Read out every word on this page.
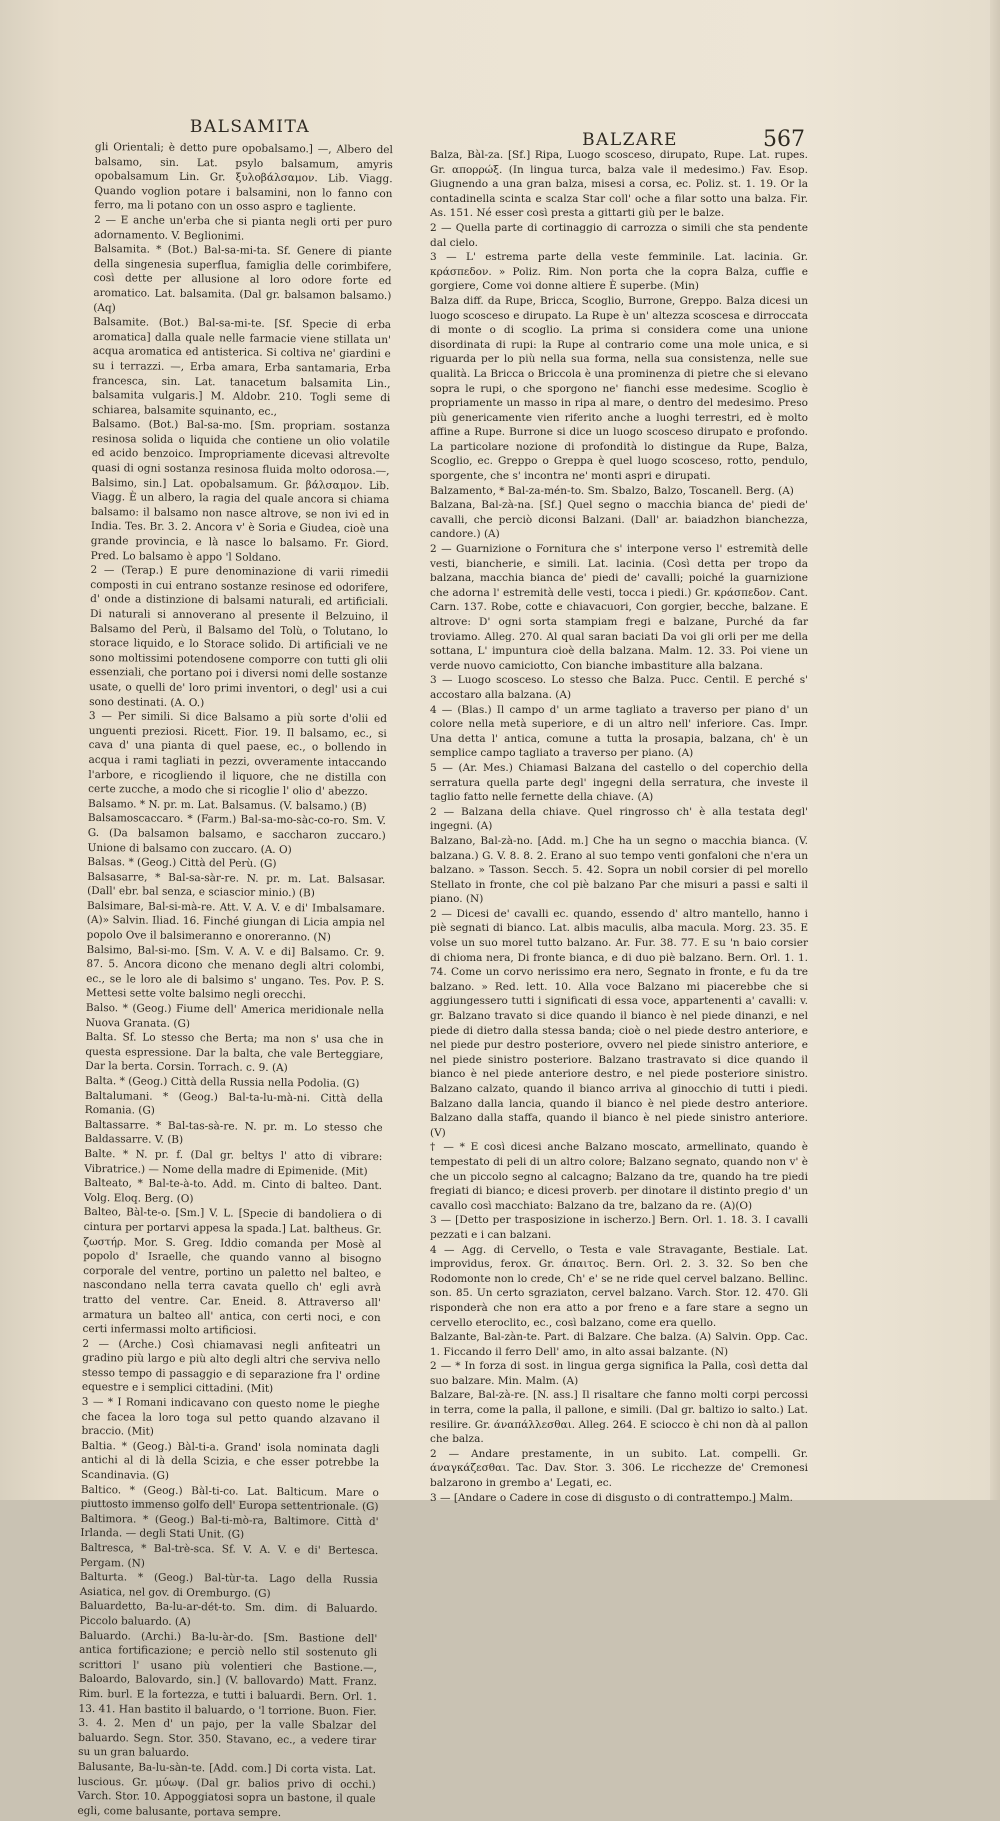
BALSAMITA
BALZARE	567

gli Orientali; è detto pure opobalsamo.] —, Albero del balsamo, sin. Lat. psylo balsamum, amyris opobalsamum Lin. Gr. ξυλοβάλσαμον. Lib. Viagg. Quando voglion potare i balsamini, non lo fanno con ferro, ma li potano con un osso aspro e tagliente.

2 — E anche un'erba che si pianta negli orti per puro adornamento. V. Beglionimi.

Balsamita. * (Bot.) Bal-sa-mi-ta. Sf. Genere di piante della singenesia superflua, famiglia delle corimbifere, così dette per allusione al loro odore forte ed aromatico. Lat. balsamita. (Dal gr. balsamon balsamo.) (Aq)

Balsamite. (Bot.) Bal-sa-mi-te. [Sf. Specie di erba aromatica] dalla quale nelle farmacie viene stillata un' acqua aromatica ed antisterica. Si coltiva ne' giardini e su i terrazzi. —, Erba amara, Erba santamaria, Erba francesca, sin. Lat. tanacetum balsamita Lin., balsamita vulgaris.] M. Aldobr. 210. Togli seme di schiarea, balsamite squinanto, ec.,

Balsamo. (Bot.) Bal-sa-mo. [Sm. propriam. sostanza resinosa solida o liquida che contiene un olio volatile ed acido benzoico. Impropriamente dicevasi altrevolte quasi di ogni sostanza resinosa fluida molto odorosa.—, Balsimo, sin.] Lat. opobalsamum. Gr. βάλσαμον. Lib. Viagg. È un albero, la ragia del quale ancora si chiama balsamo: il balsamo non nasce altrove, se non ivi ed in India. Tes. Br. 3. 2. Ancora v' è Soria e Giudea, cioè una grande provincia, e là nasce lo balsamo. Fr. Giord. Pred. Lo balsamo è appo 'l Soldano.

2 — (Terap.) E pure denominazione di varii rimedii composti in cui entrano sostanze resinose ed odorifere, d' onde a distinzione di balsami naturali, ed artificiali. Di naturali si annoverano al presente il Belzuino, il Balsamo del Perù, il Balsamo del Tolù, o Tolutano, lo storace liquido, e lo Storace solido. Di artificiali ve ne sono moltissimi potendosene comporre con tutti gli olii essenziali, che portano poi i diversi nomi delle sostanze usate, o quelli de' loro primi inventori, o degl' usi a cui sono destinati. (A. O.)

3 — Per simili. Si dice Balsamo a più sorte d'olii ed unguenti preziosi. Ricett. Fior. 19. Il balsamo, ec., si cava d' una pianta di quel paese, ec., o bollendo in acqua i rami tagliati in pezzi, ovveramente intaccando l'arbore, e ricogliendo il liquore, che ne distilla con certe zucche, a modo che si ricoglie l' olio d' abezzo.

Balsamo. * N. pr. m. Lat. Balsamus. (V. balsamo.) (B)

Balsamoscaccaro. * (Farm.) Bal-sa-mo-sàc-co-ro. Sm. V. G. (Da balsamon balsamo, e saccharon zuccaro.) Unione di balsamo con zuccaro. (A. O)

Balsas. * (Geog.) Città del Perù. (G)

Balsasarre, * Bal-sa-sàr-re. N. pr. m. Lat. Balsasar. (Dall' ebr. bal senza, e sciascior minio.) (B)

Balsimare, Bal-si-mà-re. Att. V. A. V. e di' Imbalsamare. (A)» Salvin. Iliad. 16. Finché giungan di Licia ampia nel popolo Ove il balsimeranno e onoreranno. (N)

Balsimo, Bal-si-mo. [Sm. V. A. V. e di] Balsamo. Cr. 9. 87. 5. Ancora dicono che menano degli altri colombi, ec., se le loro ale di balsimo s' ungano. Tes. Pov. P. S. Mettesi sette volte balsimo negli orecchi.

Balso. * (Geog.) Fiume dell' America meridionale nella Nuova Granata. (G)

Balta. Sf. Lo stesso che Berta; ma non s' usa che in questa espressione. Dar la balta, che vale Berteggiare, Dar la berta. Corsin. Torrach. c. 9. (A)

Balta. * (Geog.) Città della Russia nella Podolia. (G)

Baltalumani. * (Geog.) Bal-ta-lu-mà-ni. Città della Romania. (G)

Baltassarre. * Bal-tas-sà-re. N. pr. m. Lo stesso che Baldassarre. V. (B)

Balte. * N. pr. f. (Dal gr. beltys l' atto di vibrare: Vibratrice.) — Nome della madre di Epimenide. (Mit)

Balteato, * Bal-te-à-to. Add. m. Cinto di balteo. Dant. Volg. Eloq. Berg. (O)

Balteo, Bàl-te-o. [Sm.] V. L. [Specie di bandoliera o di cintura per portarvi appesa la spada.] Lat. baltheus. Gr. ζωστήρ. Mor. S. Greg. Iddio comanda per Mosè al popolo d' Israelle, che quando vanno al bisogno corporale del ventre, portino un paletto nel balteo, e nascondano nella terra cavata quello ch' egli avrà tratto del ventre. Car. Eneid. 8. Attraverso all' armatura un balteo all' antica, con certi noci, e con certi infermassi molto artificiosi.

2 — (Arche.) Così chiamavasi negli anfiteatri un gradino più largo e più alto degli altri che serviva nello stesso tempo di passaggio e di separazione fra l' ordine equestre e i semplici cittadini. (Mit)

3 — * I Romani indicavano con questo nome le pieghe che facea la loro toga sul petto quando alzavano il braccio. (Mit)

Baltia. * (Geog.) Bàl-ti-a. Grand' isola nominata dagli antichi al di là della Scizia, e che esser potrebbe la Scandinavia. (G)

Baltico. * (Geog.) Bàl-ti-co. Lat. Balticum. Mare o piuttosto immenso golfo dell' Europa settentrionale. (G)

Baltimora. * (Geog.) Bal-ti-mò-ra, Baltimore. Città d' Irlanda. — degli Stati Unit. (G)

Baltresca, * Bal-trè-sca. Sf. V. A. V. e di' Bertesca. Pergam. (N)

Balturta. * (Geog.) Bal-tùr-ta. Lago della Russia Asiatica, nel gov. di Oremburgo. (G)

Baluardetto, Ba-lu-ar-dét-to. Sm. dim. di Baluardo. Piccolo baluardo. (A)

Baluardo. (Archi.) Ba-lu-àr-do. [Sm. Bastione dell' antica fortificazione; e perciò nello stil sostenuto gli scrittori l' usano più volentieri che Bastione.—, Baloardo, Balovardo, sin.] (V. ballovardo) Matt. Franz. Rim. burl. E la fortezza, e tutti i baluardi. Bern. Orl. 1. 13. 41. Han bastito il baluardo, o 'l torrione. Buon. Fier. 3. 4. 2. Men d' un pajo, per la valle Sbalzar del baluardo. Segn. Stor. 350. Stavano, ec., a vedere tirar su un gran baluardo.

Balusante, Ba-lu-sàn-te. [Add. com.] Di corta vista. Lat. luscious. Gr. μύωψ. (Dal gr. balios privo di occhi.) Varch. Stor. 10. Appoggiatosi sopra un bastone, il quale egli, come balusante, portava sempre.

Balza, Bàl-za. [Sf.] Ripa, Luogo scosceso, dirupato, Rupe. Lat. rupes. Gr. απορρώξ. (In lingua turca, balza vale il medesimo.) Fav. Esop. Giugnendo a una gran balza, misesi a corsa, ec. Poliz. st. 1. 19. Or la contadinella scinta e scalza Star coll' oche a filar sotto una balza. Fir. As. 151. Né esser così presta a gittarti giù per le balze.

2 — Quella parte di cortinaggio di carrozza o simili che sta pendente dal cielo.

3 — L' estrema parte della veste femminile. Lat. lacinia. Gr. κράσπεδον. » Poliz. Rim. Non porta che la copra Balza, cuffie e gorgiere, Come voi donne altiere È superbe. (Min)

Balza diff. da Rupe, Bricca, Scoglio, Burrone, Greppo. Balza dicesi un luogo scosceso e dirupato. La Rupe è un' altezza scoscesa e dirroccata di monte o di scoglio. La prima si considera come una unione disordinata di rupi: la Rupe al contrario come una mole unica, e si riguarda per lo più nella sua forma, nella sua consistenza, nelle sue qualità. La Bricca o Briccola è una prominenza di pietre che si elevano sopra le rupi, o che sporgono ne' fianchi esse medesime. Scoglio è propriamente un masso in ripa al mare, o dentro del medesimo. Preso più genericamente vien riferito anche a luoghi terrestri, ed è molto affine a Rupe. Burrone si dice un luogo scosceso dirupato e profondo. La particolare nozione di profondità lo distingue da Rupe, Balza, Scoglio, ec. Greppo o Greppa è quel luogo scosceso, rotto, pendulo, sporgente, che s' incontra ne' monti aspri e dirupati.

Balzamento, * Bal-za-mén-to. Sm. Sbalzo, Balzo, Toscanell. Berg. (A)

Balzana, Bal-zà-na. [Sf.] Quel segno o macchia bianca de' piedi de' cavalli, che perciò diconsi Balzani. (Dall' ar. baiadzhon bianchezza, candore.) (A)

2 — Guarnizione o Fornitura che s' interpone verso l' estremità delle vesti, biancherie, e simili. Lat. lacinia. (Così detta per tropo da balzana, macchia bianca de' piedi de' cavalli; poiché la guarnizione che adorna l' estremità delle vesti, tocca i piedi.) Gr. κράσπεδον. Cant. Carn. 137. Robe, cotte e chiavacuori, Con gorgier, becche, balzane. E altrove: D' ogni sorta stampiam fregi e balzane, Purché da far troviamo. Alleg. 270. Al qual saran baciati Da voi gli orli per me della sottana, L' impuntura cioè della balzana. Malm. 12. 33. Poi viene un verde nuovo camiciotto, Con bianche imbastiture alla balzana.

3 — Luogo scosceso. Lo stesso che Balza. Pucc. Centil. E perché s' accostaro alla balzana. (A)

4 — (Blas.) Il campo d' un arme tagliato a traverso per piano d' un colore nella metà superiore, e di un altro nell' inferiore. Cas. Impr. Una detta l' antica, comune a tutta la prosapia, balzana, ch' è un semplice campo tagliato a traverso per piano. (A)

5 — (Ar. Mes.) Chiamasi Balzana del castello o del coperchio della serratura quella parte degl' ingegni della serratura, che investe il taglio fatto nelle fernette della chiave. (A)

2 — Balzana della chiave. Quel ringrosso ch' è alla testata degl' ingegni. (A)

Balzano, Bal-zà-no. [Add. m.] Che ha un segno o macchia bianca. (V. balzana.) G. V. 8. 8. 2. Erano al suo tempo venti gonfaloni che n'era un balzano. » Tasson. Secch. 5. 42. Sopra un nobil corsier di pel morello Stellato in fronte, che col piè balzano Par che misuri a passi e salti il piano. (N)

2 — Dicesi de' cavalli ec. quando, essendo d' altro mantello, hanno i piè segnati di bianco. Lat. albis maculis, alba macula. Morg. 23. 35. E volse un suo morel tutto balzano. Ar. Fur. 38. 77. E su 'n baio corsier di chioma nera, Di fronte bianca, e di duo piè balzano. Bern. Orl. 1. 1. 74. Come un corvo nerissimo era nero, Segnato in fronte, e fu da tre balzano. » Red. lett. 10. Alla voce Balzano mi piacerebbe che si aggiungessero tutti i significati di essa voce, appartenenti a' cavalli: v. gr. Balzano travato si dice quando il bianco è nel piede dinanzi, e nel piede di dietro dalla stessa banda; cioè o nel piede destro anteriore, e nel piede pur destro posteriore, ovvero nel piede sinistro anteriore, e nel piede sinistro posteriore. Balzano trastravato si dice quando il bianco è nel piede anteriore destro, e nel piede posteriore sinistro. Balzano calzato, quando il bianco arriva al ginocchio di tutti i piedi. Balzano dalla lancia, quando il bianco è nel piede destro anteriore. Balzano dalla staffa, quando il bianco è nel piede sinistro anteriore. (V)

† — * E così dicesi anche Balzano moscato, armellinato, quando è tempestato di peli di un altro colore; Balzano segnato, quando non v' è che un piccolo segno al calcagno; Balzano da tre, quando ha tre piedi fregiati di bianco; e dicesi proverb. per dinotare il distinto pregio d' un cavallo così macchiato: Balzano da tre, balzano da re. (A)(O)

3 — [Detto per trasposizione in ischerzo.] Bern. Orl. 1. 18. 3. I cavalli pezzati e i can balzani.

4 — Agg. di Cervello, o Testa e vale Stravagante, Bestiale. Lat. improvidus, ferox. Gr. άπαιτος. Bern. Orl. 2. 3. 32. So ben che Rodomonte non lo crede, Ch' e' se ne ride quel cervel balzano. Bellinc. son. 85. Un certo sgraziaton, cervel balzano. Varch. Stor. 12. 470. Gli risponderà che non era atto a por freno e a fare stare a segno un cervello eteroclito, ec., così balzano, come era quello.

Balzante, Bal-zàn-te. Part. di Balzare. Che balza. (A) Salvin. Opp. Cac. 1. Ficcando il ferro Dell' amo, in alto assai balzante. (N)

2 — * In forza di sost. in lingua gerga significa la Palla, così detta dal suo balzare. Min. Malm. (A)

Balzare, Bal-zà-re. [N. ass.] Il risaltare che fanno molti corpi percossi in terra, come la palla, il pallone, e simili. (Dal gr. baltizo io salto.) Lat. resilire. Gr. άναπάλλεσθαι. Alleg. 264. E sciocco è chi non dà al pallon che balza.

2 — Andare prestamente, in un subito. Lat. compelli. Gr. άναγκάζεσθαι. Tac. Dav. Stor. 3. 306. Le ricchezze de' Cremonesi balzarono in grembo a' Legati, ec.

3 — [Andare o Cadere in cose di disgusto o di contrattempo.] Malm.
